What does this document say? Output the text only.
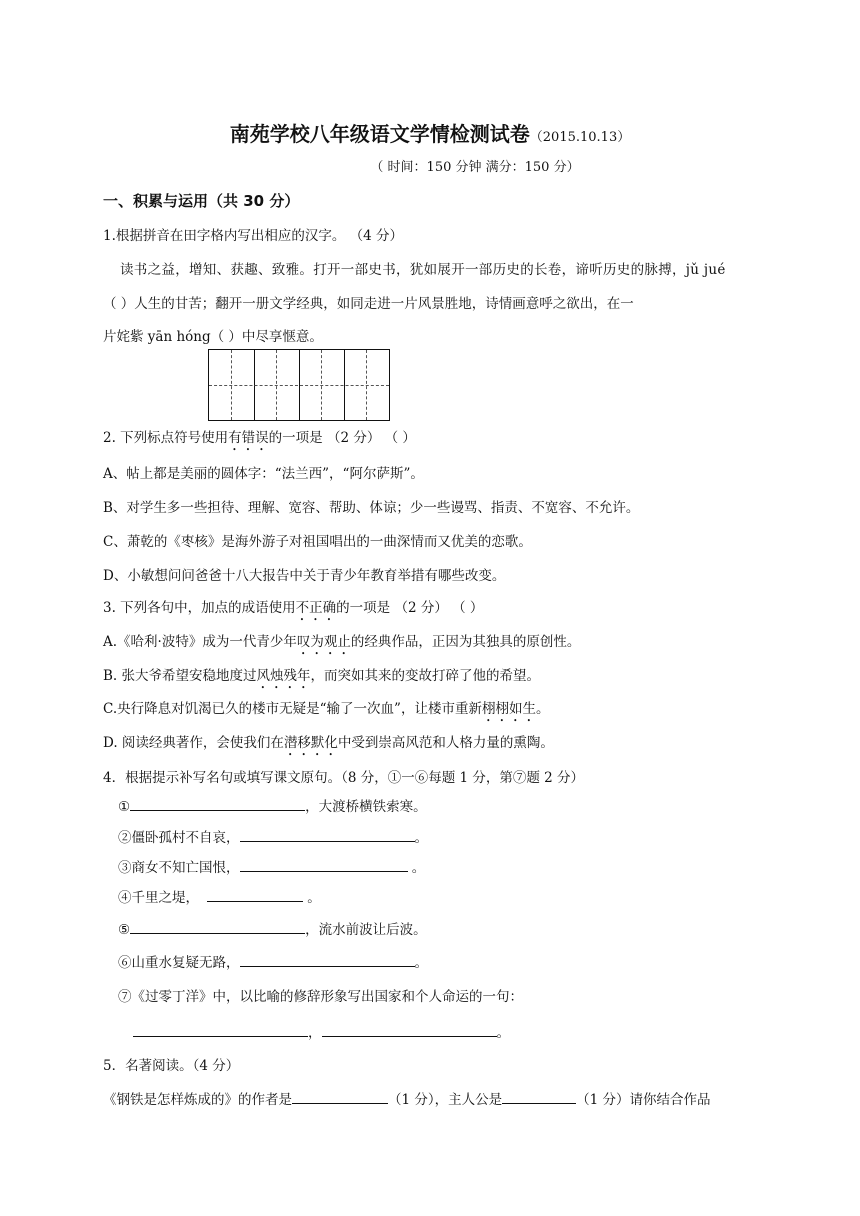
南苑学校八年级语文学情检测试卷（2015.10.13）
（ 时间：150 分钟 满分：150 分）
一、积累与运用（共 30 分）
1.根据拼音在田字格内写出相应的汉字。 （4 分）
读书之益，增知、获趣、致雅。打开一部史书，犹如展开一部历史的长卷，谛听历史的脉搏，jǔ jué
（ ）人生的甘苦；翻开一册文学经典，如同走进一片风景胜地，诗情画意呼之欲出，在一
片姹紫 yān hóng（ ）中尽享惬意。
2. 下列标点符号使用有错误的一项是 （2 分） （ ）
A、帖上都是美丽的圆体字：“法兰西”，“阿尔萨斯”。
B、对学生多一些担待、理解、宽容、帮助、体谅；少一些谩骂、指责、不宽容、不允许。
C、萧乾的《枣核》是海外游子对祖国唱出的一曲深情而又优美的恋歌。
D、小敏想问问爸爸十八大报告中关于青少年教育举措有哪些改变。
3. 下列各句中，加点的成语使用不正确的一项是 （2 分） （ ）
A.《哈利·波特》成为一代青少年叹为观止的经典作品，正因为其独具的原创性。
B. 张大爷希望安稳地度过风烛残年，而突如其来的变故打碎了他的希望。
C.央行降息对饥渴已久的楼市无疑是“输了一次血”，让楼市重新栩栩如生。
D. 阅读经典著作，会使我们在潜移默化中受到崇高风范和人格力量的熏陶。
4．根据提示补写名句或填写课文原句。（8 分，①一⑥每题 1 分，第⑦题 2 分）
①	，大渡桥横铁索寒。
②僵卧孤村不自哀，	。
③商女不知亡国恨，	。
④千里之堤，	。
⑤	，流水前波让后波。
⑥山重水复疑无路，	。
⑦《过零丁洋》中，以比喻的修辞形象写出国家和个人命运的一句：
，	。
5．名著阅读。（4 分）
《钢铁是怎样炼成的》的作者是	（1 分），主人公是	（1 分）请你结合作品
